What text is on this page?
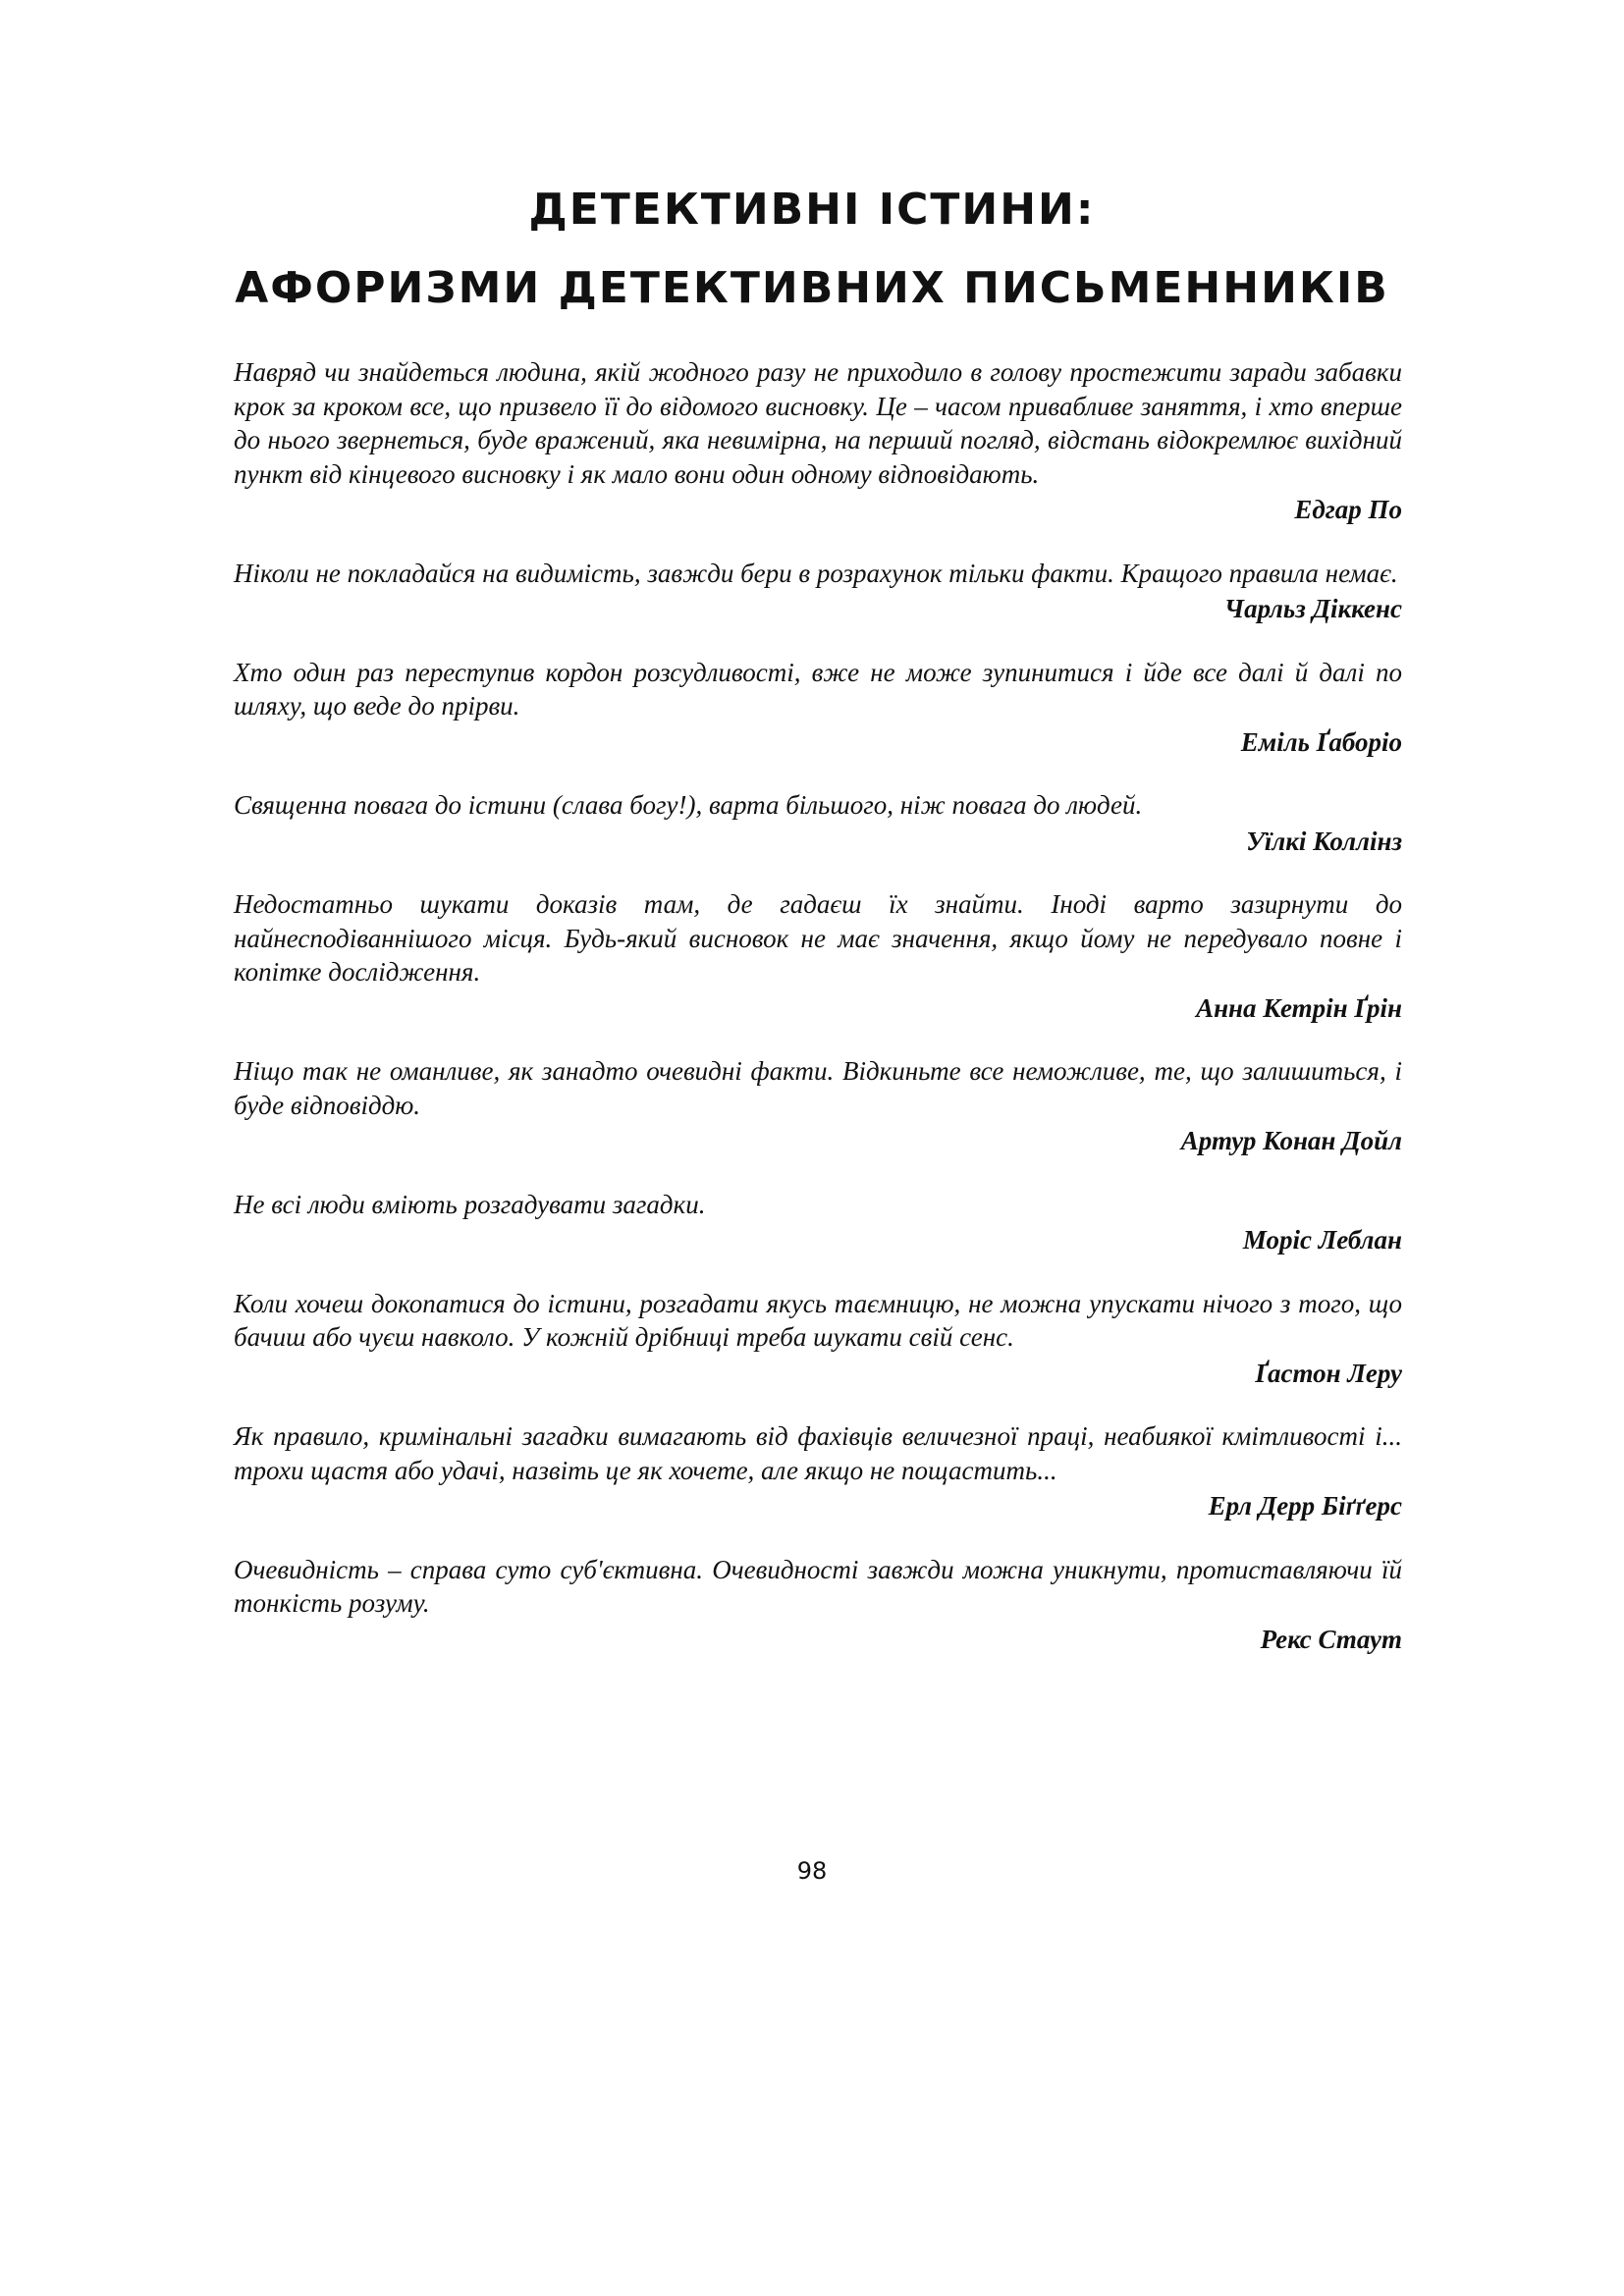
ДЕТЕКТИВНІ ІСТИНИ:
АФОРИЗМИ ДЕТЕКТИВНИХ ПИСЬМЕННИКІВ

Навряд чи знайдеться людина, якій жодного разу не приходило в голову простежити заради забавки крок за кроком все, що призвело її до відомого висновку. Це – часом привабливе заняття, і хто вперше до нього звернеться, буде вражений, яка невимірна, на перший погляд, відстань відокремлює вихідний пункт від кінцевого висновку і як мало вони один одному відповідають.

Едгар По

Ніколи не покладайся на видимість, завжди бери в розрахунок тільки факти. Кращого правила немає.

Чарльз Діккенс

Хто один раз переступив кордон розсудливості, вже не може зупинитися і йде все далі й далі по шляху, що веде до прірви.

Еміль Ґаборіо

Священна повага до істини (слава богу!), варта більшого, ніж повага до людей.

Уїлкі Коллінз

Недостатньо шукати доказів там, де гадаєш їх знайти. Іноді варто зазирнути до найнесподіваннішого місця. Будь-який висновок не має значення, якщо йому не передувало повне і копітке дослідження.

Анна Кетрін Ґрін

Ніщо так не оманливе, як занадто очевидні факти. Відкиньте все неможливе, те, що залишиться, і буде відповіддю.

Артур Конан Дойл

Не всі люди вміють розгадувати загадки.

Моріс Леблан

Коли хочеш докопатися до істини, розгадати якусь таємницю, не можна упускати нічого з того, що бачиш або чуєш навколо. У кожній дрібниці треба шукати свій сенс.

Ґастон Леру

Як правило, кримінальні загадки вимагають від фахівців величезної праці, неабиякої кмітливості і... трохи щастя або удачі, назвіть це як хочете, але якщо не пощастить...

Ерл Дерр Біґґерс

Очевидність – справа суто суб'єктивна. Очевидності завжди можна уникнути, протиставляючи їй тонкість розуму.

Рекс Стаут

98
